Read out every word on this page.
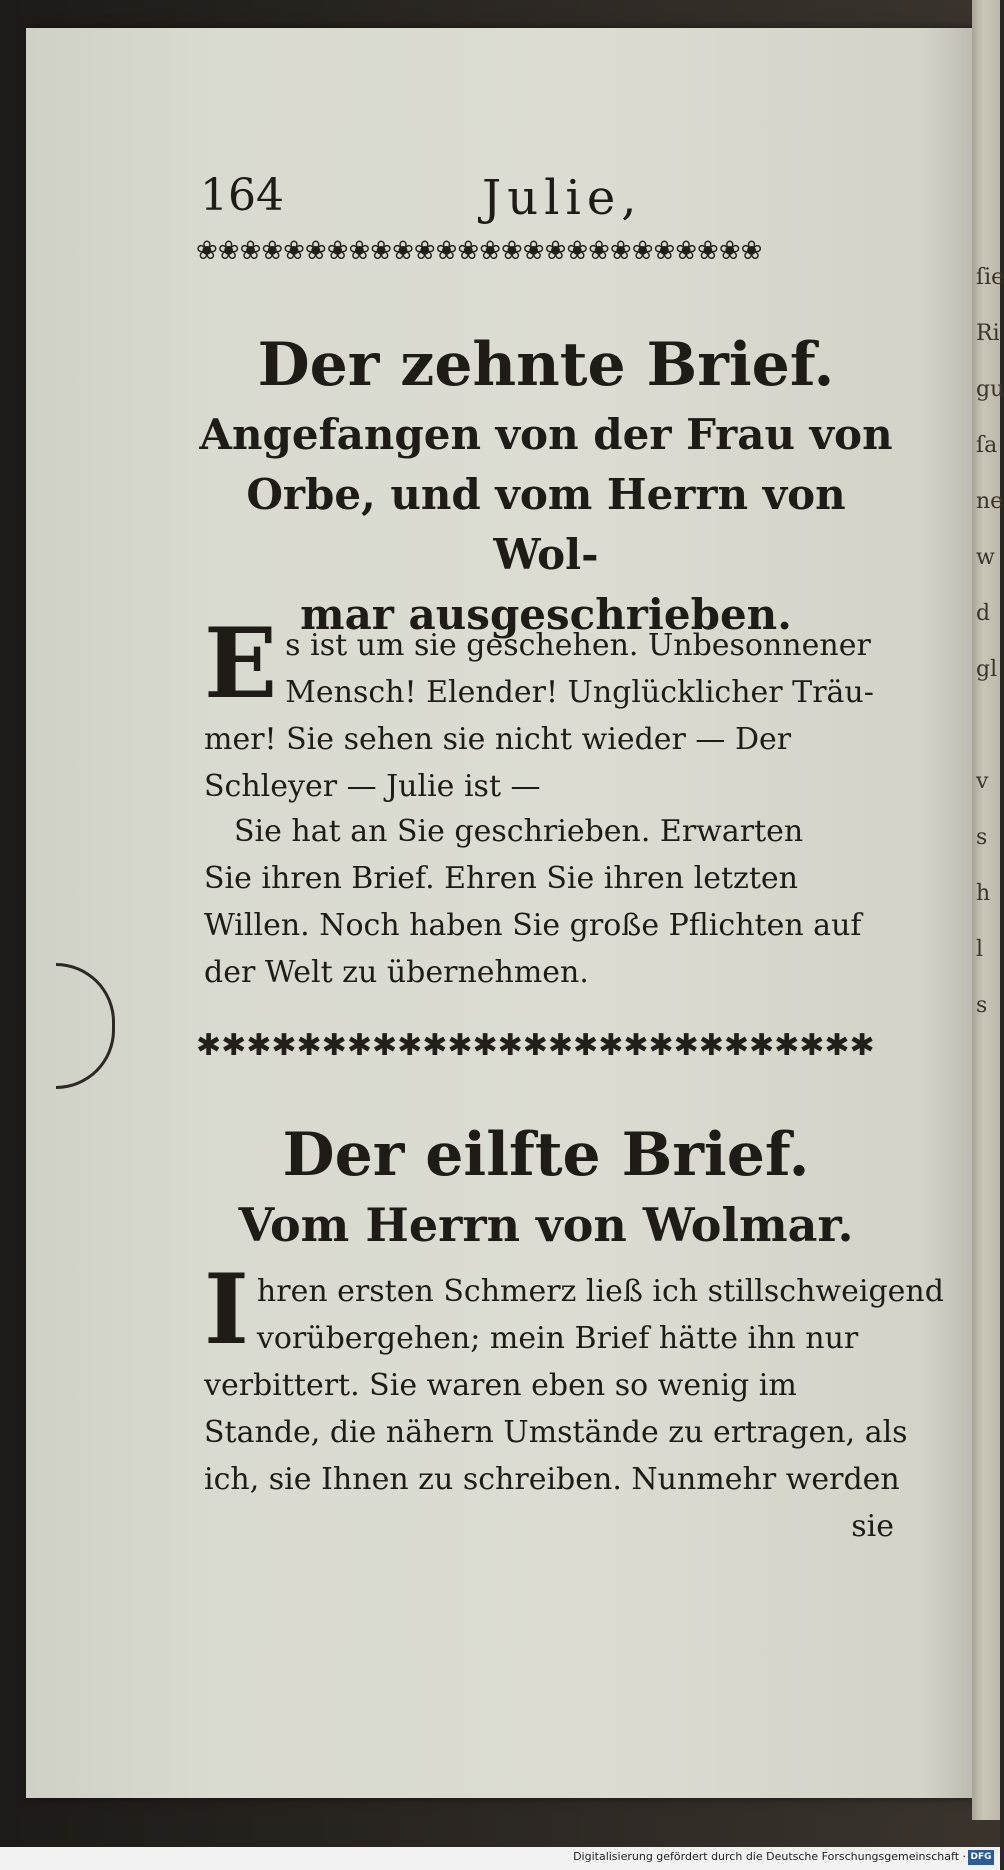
ſie
Ri
gu
ſa
ne
w
d
gl

v
s
h
l
s
164	Julie,
❀❀❀❀❀❀❀❀❀❀❀❀❀❀❀❀❀❀❀❀❀❀❀❀❀❀
Der zehnte Brief.
Angefangen von der Frau von
Orbe, und vom Herrn von Wol-
mar ausgeschrieben.
E s ist um sie geschehen. Unbesonnener
Mensch! Elender! Unglücklicher Träu-
mer! Sie sehen sie nicht wieder — Der
Schleyer — Julie ist —
Sie hat an Sie geschrieben. Erwarten
Sie ihren Brief. Ehren Sie ihren letzten
Willen. Noch haben Sie große Pflichten auf
der Welt zu übernehmen.
✱✱✱✱✱✱✱✱✱✱✱✱✱✱✱✱✱✱✱✱✱✱✱✱✱✱✱
Der eilfte Brief.
Vom Herrn von Wolmar.
I hren ersten Schmerz ließ ich stillschweigend
vorübergehen; mein Brief hätte ihn nur
verbittert. Sie waren eben so wenig im
Stande, die nähern Umstände zu ertragen, als
ich, sie Ihnen zu schreiben. Nunmehr werden
sie
Digitalisierung gefördert durch die Deutsche Forschungsgemeinschaft · DFG
